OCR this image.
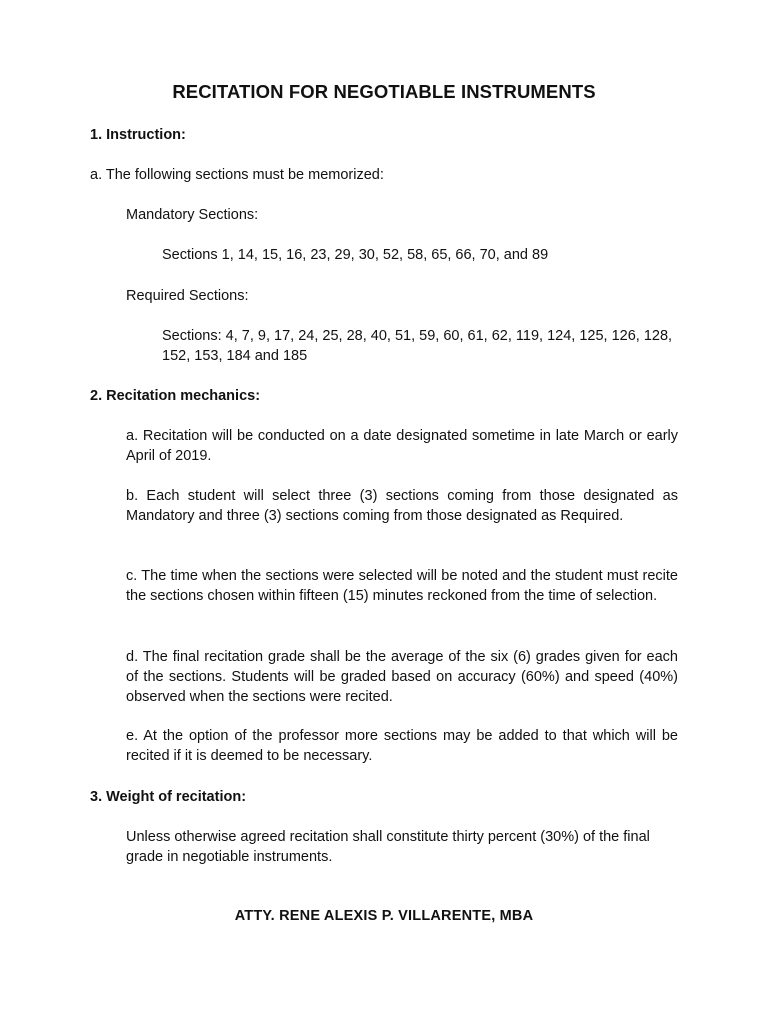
RECITATION FOR NEGOTIABLE INSTRUMENTS
1. Instruction:
a. The following sections must be memorized:
Mandatory Sections:
Sections 1, 14, 15, 16, 23, 29, 30, 52, 58, 65, 66, 70, and 89
Required Sections:
Sections: 4, 7, 9, 17, 24, 25, 28, 40, 51, 59, 60, 61, 62, 119, 124, 125, 126, 128, 152, 153, 184 and 185
2. Recitation mechanics:
a. Recitation will be conducted on a date designated sometime in late March or early April of 2019.
b. Each student will select three (3) sections coming from those designated as Mandatory and three (3) sections coming from those designated as Required.
c. The time when the sections were selected will be noted and the student must recite the sections chosen within fifteen (15) minutes reckoned from the time of selection.
d. The final recitation grade shall be the average of the six (6) grades given for each of the sections. Students will be graded based on accuracy (60%) and speed (40%) observed when the sections were recited.
e. At the option of the professor more sections may be added to that which will be recited if it is deemed to be necessary.
3. Weight of recitation:
Unless otherwise agreed recitation shall constitute thirty percent (30%) of the final grade in negotiable instruments.
ATTY. RENE ALEXIS P. VILLARENTE, MBA
